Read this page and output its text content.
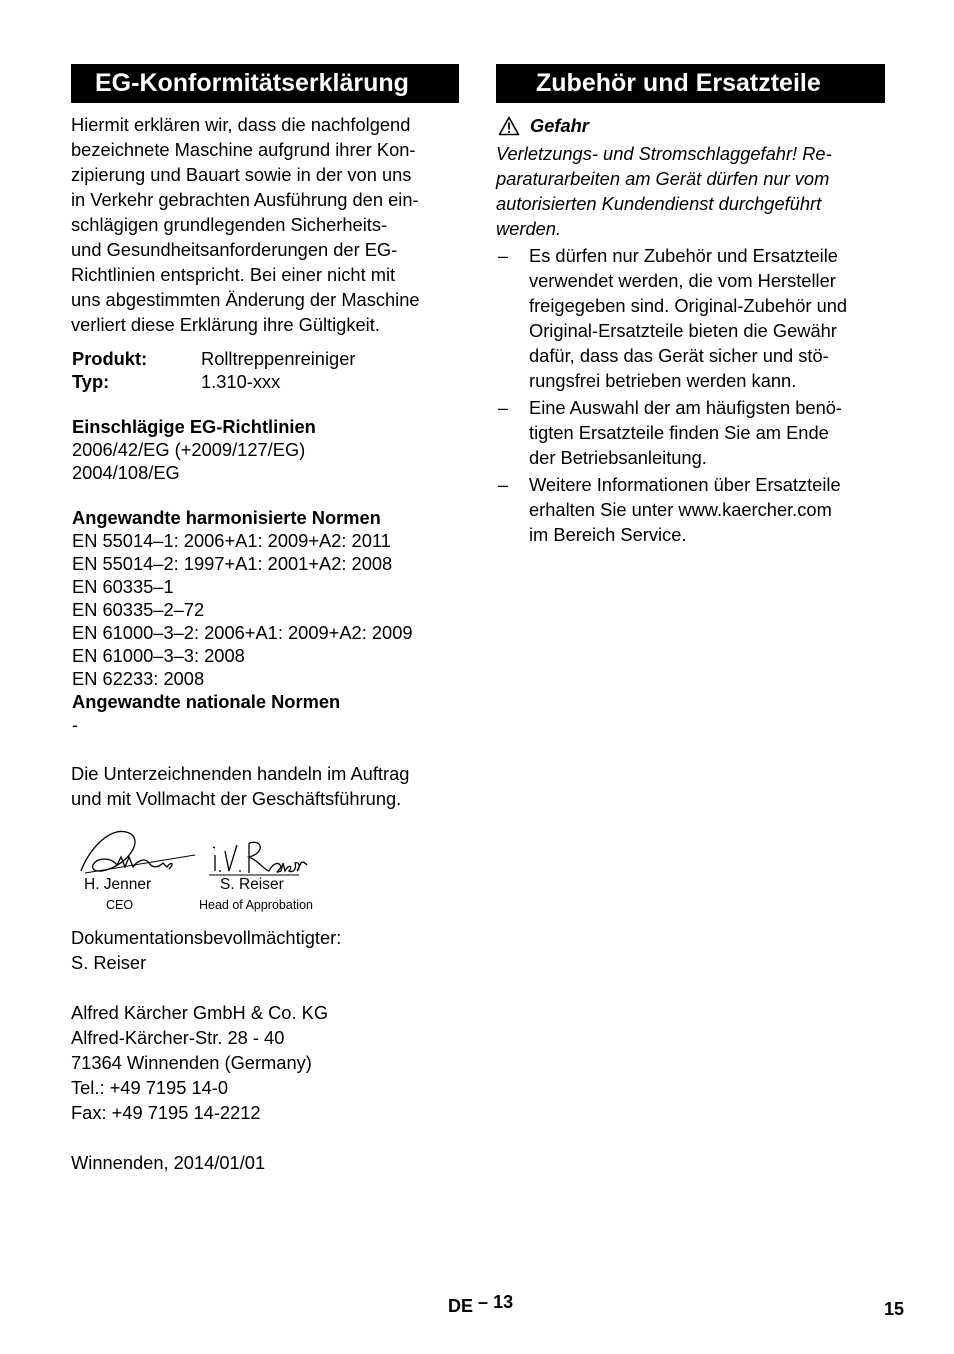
EG-Konformitätserklärung
Hiermit erklären wir, dass die nachfolgend
bezeichnete Maschine aufgrund ihrer Kon-
zipierung und Bauart sowie in der von uns
in Verkehr gebrachten Ausführung den ein-
schlägigen grundlegenden Sicherheits-
und Gesundheitsanforderungen der EG-
Richtlinien entspricht. Bei einer nicht mit
uns abgestimmten Änderung der Maschine
verliert diese Erklärung ihre Gültigkeit.
Produkt:	Rolltreppenreiniger
Typ:	1.310-xxx
Einschlägige EG-Richtlinien
2006/42/EG (+2009/127/EG)
2004/108/EG
Angewandte harmonisierte Normen
EN 55014–1: 2006+A1: 2009+A2: 2011
EN 55014–2: 1997+A1: 2001+A2: 2008
EN 60335–1
EN 60335–2–72
EN 61000–3–2: 2006+A1: 2009+A2: 2009
EN 61000–3–3: 2008
EN 62233: 2008
Angewandte nationale Normen
-
Die Unterzeichnenden handeln im Auftrag
und mit Vollmacht der Geschäftsführung.
H. Jenner
CEO
S. Reiser
Head of Approbation
Dokumentationsbevollmächtigter:
S. Reiser
Alfred Kärcher GmbH & Co. KG
Alfred-Kärcher-Str. 28 - 40
71364 Winnenden (Germany)
Tel.: +49 7195 14-0
Fax: +49 7195 14-2212
Winnenden, 2014/01/01
Zubehör und Ersatzteile
Gefahr
Verletzungs- und Stromschlaggefahr! Re-
paraturarbeiten am Gerät dürfen nur vom
autorisierten Kundendienst durchgeführt
werden.
– Es dürfen nur Zubehör und Ersatzteile
verwendet werden, die vom Hersteller
freigegeben sind. Original-Zubehör und
Original-Ersatzteile bieten die Gewähr
dafür, dass das Gerät sicher und stö-
rungsfrei betrieben werden kann.
– Eine Auswahl der am häufigsten benö-
tigten Ersatzteile finden Sie am Ende
der Betriebsanleitung.
– Weitere Informationen über Ersatzteile
erhalten Sie unter www.kaercher.com
im Bereich Service.
DE – 13	15
